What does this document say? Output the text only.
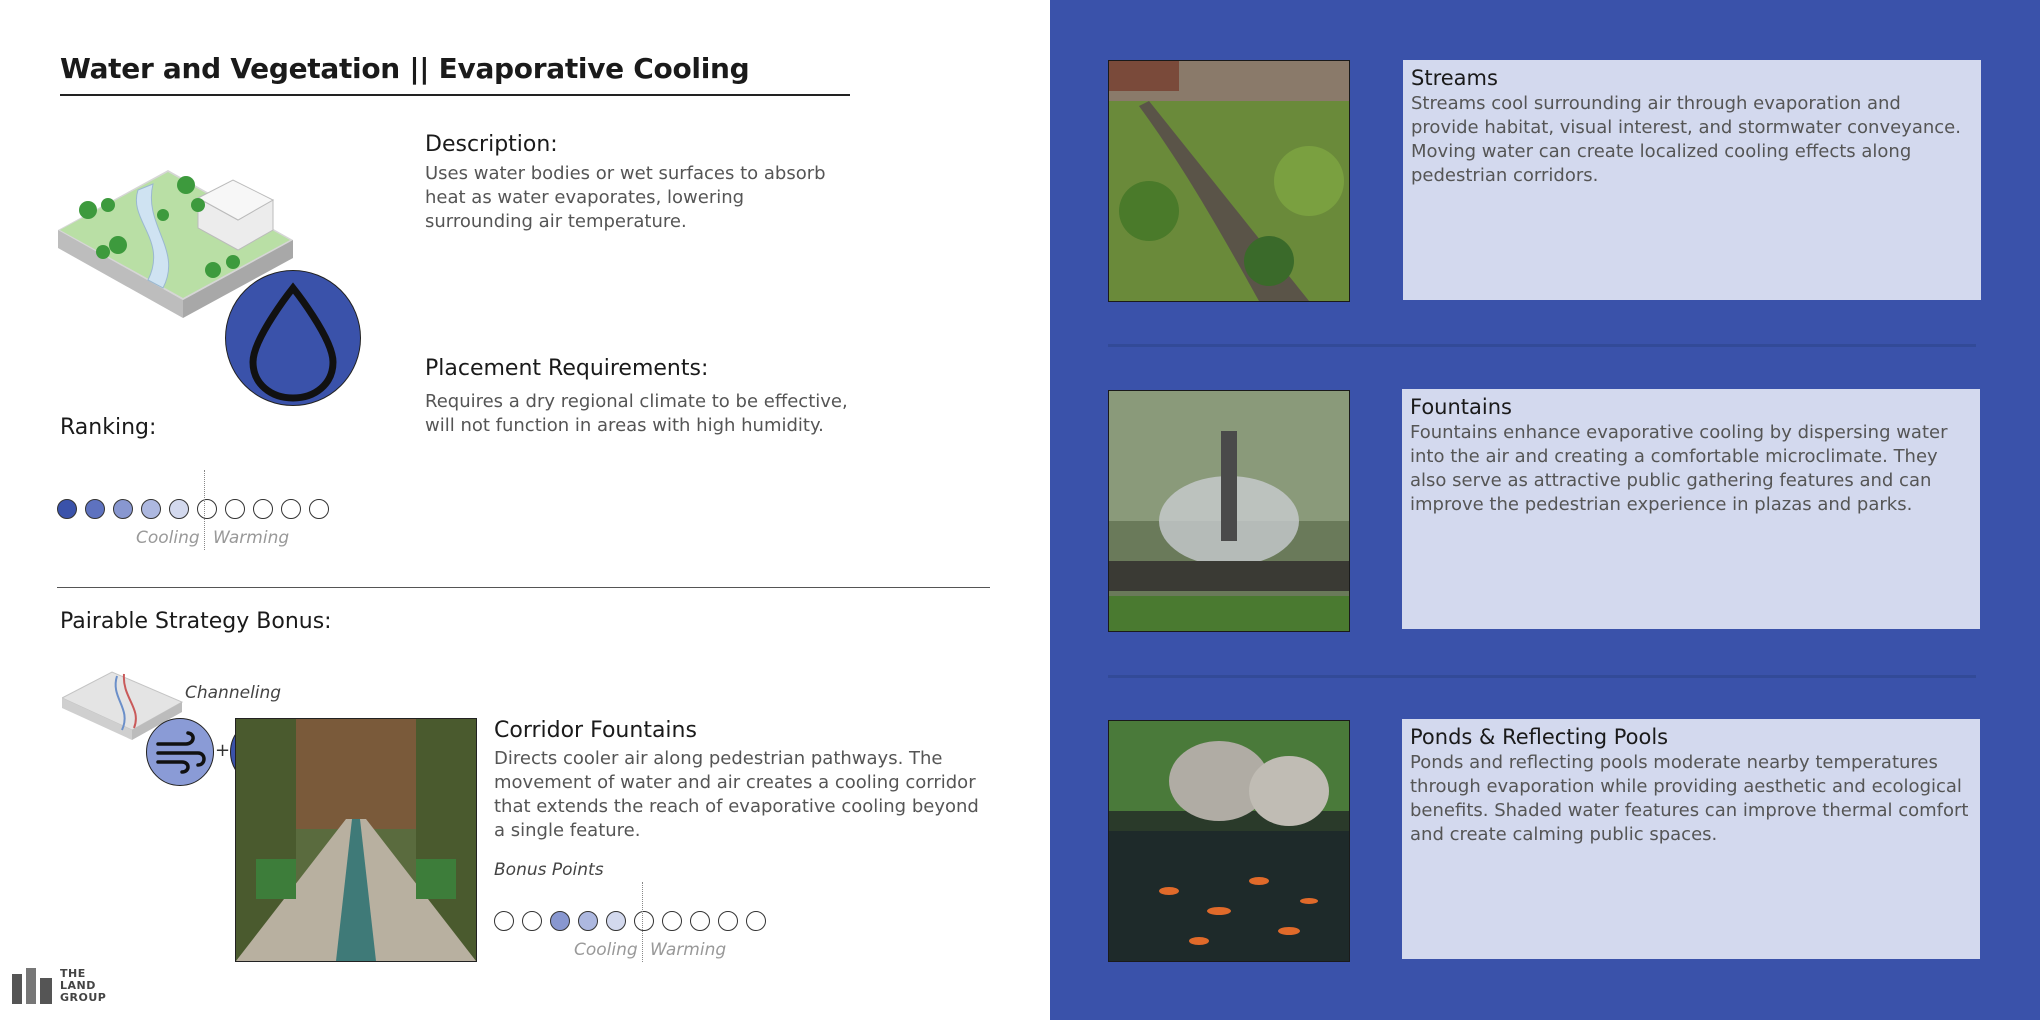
Water and Vegetation || Evaporative Cooling
Description:
Uses water bodies or wet surfaces to absorb heat as water evaporates, lowering surrounding air temperature.
Placement Requirements:
Requires a dry regional climate to be effective, will not function in areas with high humidity.
Ranking:
Cooling Warming
Pairable Strategy Bonus:
Channeling
+
Corridor Fountains
Directs cooler air along pedestrian pathways. The movement of water and air creates a cooling corridor that extends the reach of evaporative cooling beyond a single feature.
Bonus Points
Cooling Warming
THE
LAND
GROUP
Streams
Streams cool surrounding air through evaporation and provide habitat, visual interest, and stormwater conveyance. Moving water can create localized cooling effects along pedestrian corridors.
Fountains
Fountains enhance evaporative cooling by dispersing water into the air and creating a comfortable microclimate. They also serve as attractive public gathering features and can improve the pedestrian experience in plazas and parks.
Ponds & Reflecting Pools
Ponds and reflecting pools moderate nearby temperatures through evaporation while providing aesthetic and ecological benefits. Shaded water features can improve thermal comfort and create calming public spaces.
